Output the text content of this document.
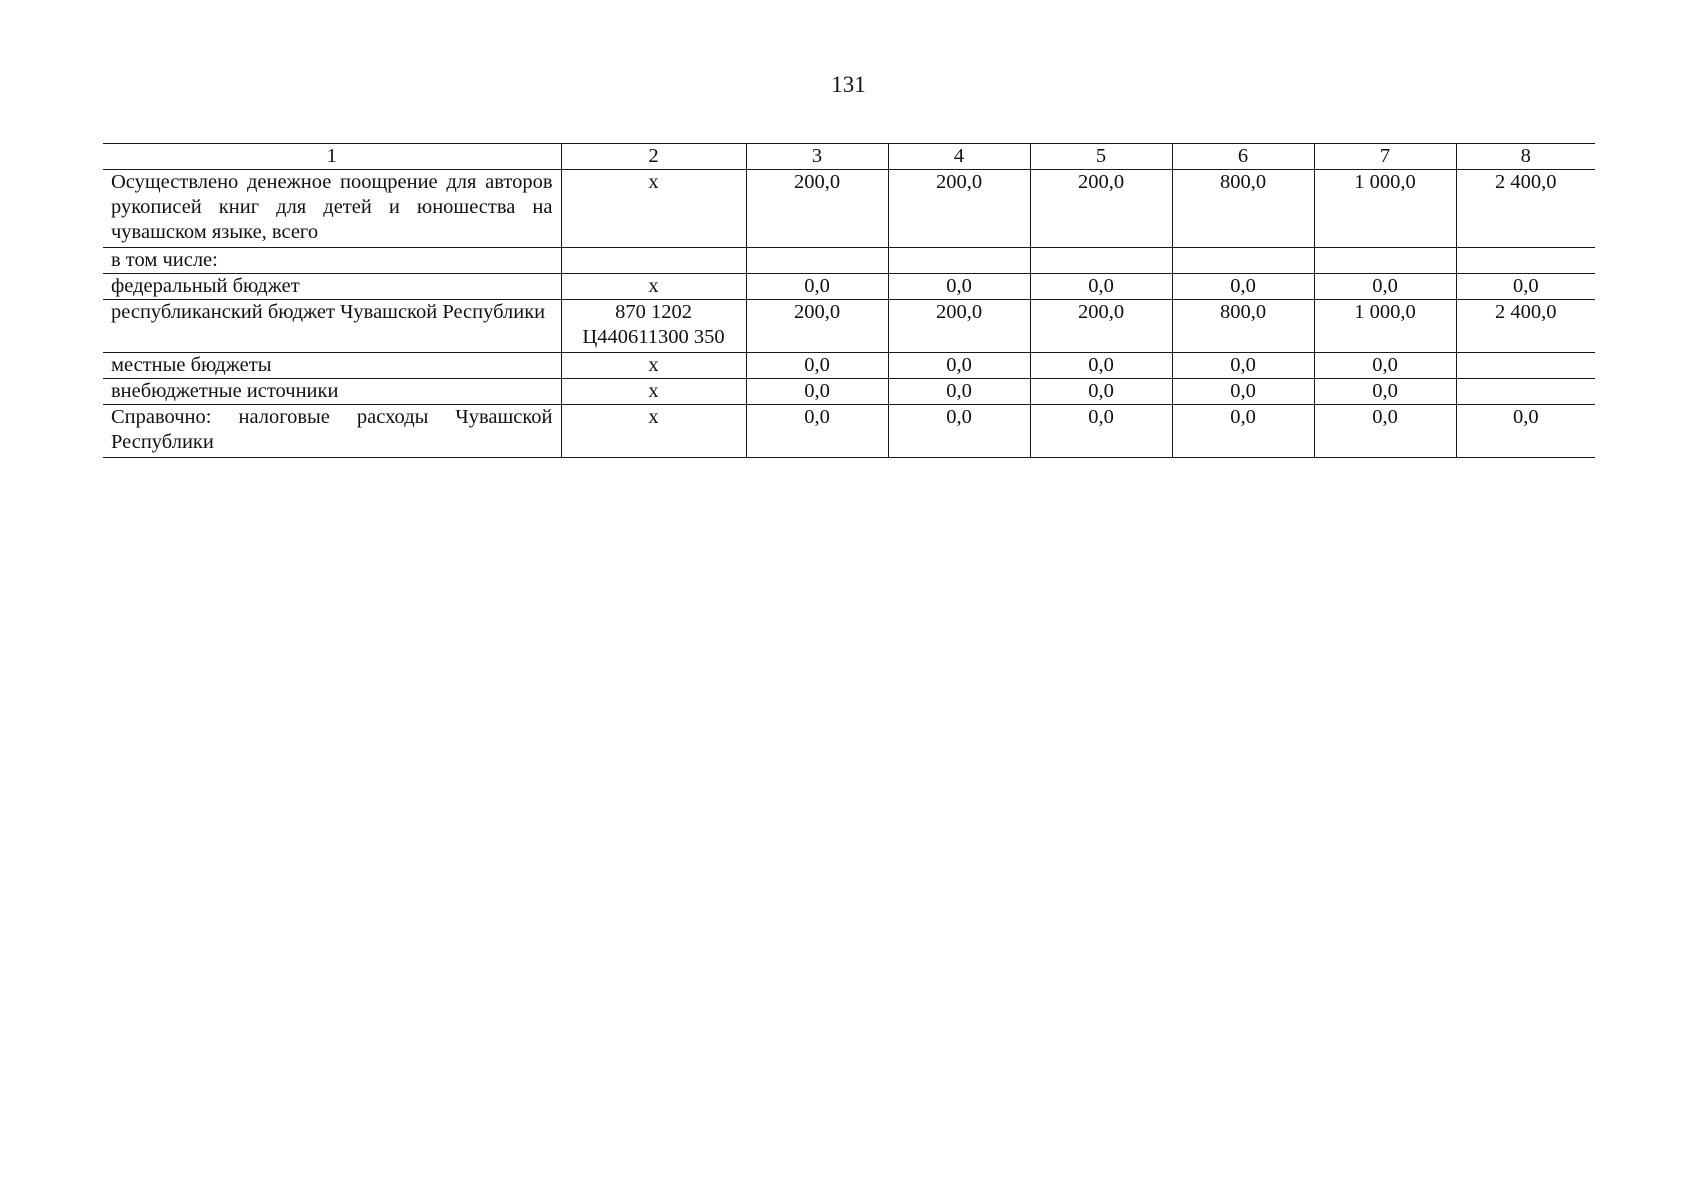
131
1	2	3	4	5	6	7	8
Осуществлено денежное поощрение для авторов рукописей книг для детей и юношества на чувашском языке, всего	х	200,0	200,0	200,0	800,0	1 000,0	2 400,0
в том числе:							
федеральный бюджет	х	0,0	0,0	0,0	0,0	0,0	0,0
республиканский бюджет Чувашской Республики	870 1202 Ц440611300 350	200,0	200,0	200,0	800,0	1 000,0	2 400,0
местные бюджеты	х	0,0	0,0	0,0	0,0	0,0	
внебюджетные источники	х	0,0	0,0	0,0	0,0	0,0	
Справочно: налоговые расходы Чувашской Республики	х	0,0	0,0	0,0	0,0	0,0	0,0
